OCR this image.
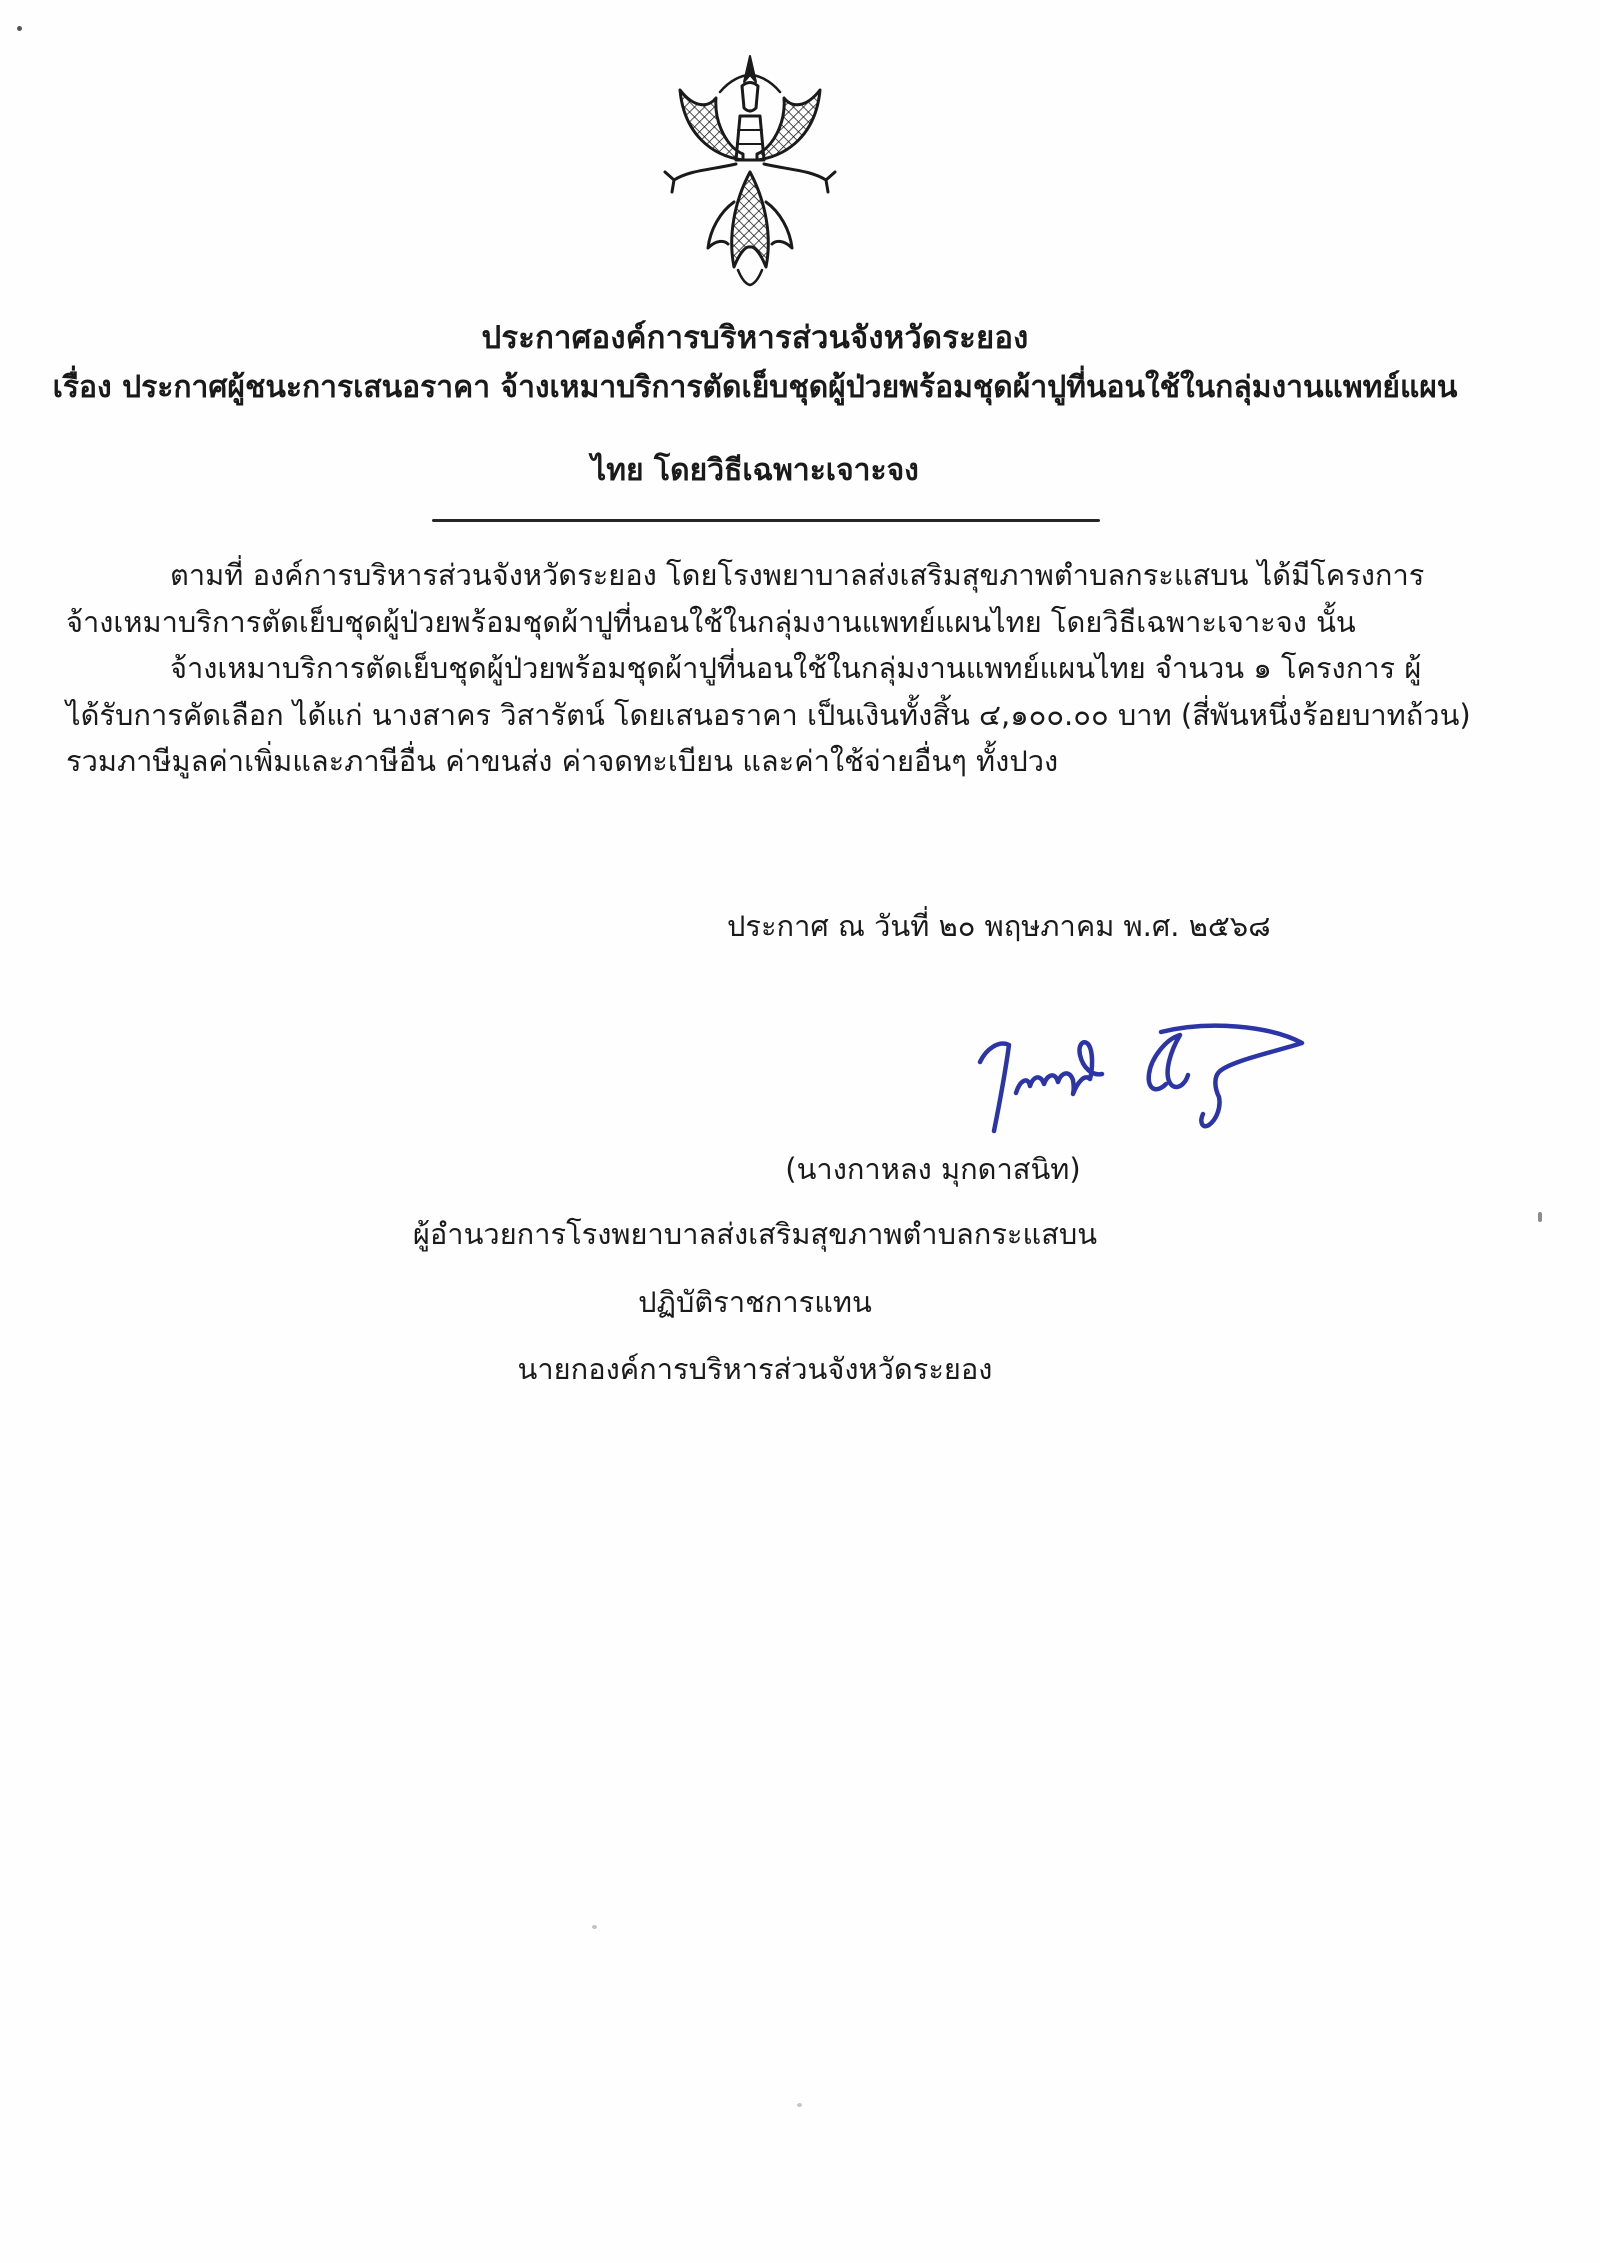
ประกาศองค์การบริหารส่วนจังหวัดระยอง
เรื่อง ประกาศผู้ชนะการเสนอราคา จ้างเหมาบริการตัดเย็บชุดผู้ป่วยพร้อมชุดผ้าปูที่นอนใช้ในกลุ่มงานแพทย์แผน
ไทย โดยวิธีเฉพาะเจาะจง
ตามที่ องค์การบริหารส่วนจังหวัดระยอง โดยโรงพยาบาลส่งเสริมสุขภาพตำบลกระแสบน ได้มีโครงการ
จ้างเหมาบริการตัดเย็บชุดผู้ป่วยพร้อมชุดผ้าปูที่นอนใช้ในกลุ่มงานแพทย์แผนไทย โดยวิธีเฉพาะเจาะจง นั้น
จ้างเหมาบริการตัดเย็บชุดผู้ป่วยพร้อมชุดผ้าปูที่นอนใช้ในกลุ่มงานแพทย์แผนไทย จำนวน ๑ โครงการ ผู้
ได้รับการคัดเลือก ได้แก่ นางสาคร วิสารัตน์ โดยเสนอราคา เป็นเงินทั้งสิ้น ๔,๑๐๐.๐๐ บาท (สี่พันหนึ่งร้อยบาทถ้วน)
รวมภาษีมูลค่าเพิ่มและภาษีอื่น ค่าขนส่ง ค่าจดทะเบียน และค่าใช้จ่ายอื่นๆ ทั้งปวง
ประกาศ ณ วันที่ ๒๐ พฤษภาคม พ.ศ. ๒๕๖๘
(นางกาหลง มุกดาสนิท)
ผู้อำนวยการโรงพยาบาลส่งเสริมสุขภาพตำบลกระแสบน
ปฏิบัติราชการแทน
นายกองค์การบริหารส่วนจังหวัดระยอง
